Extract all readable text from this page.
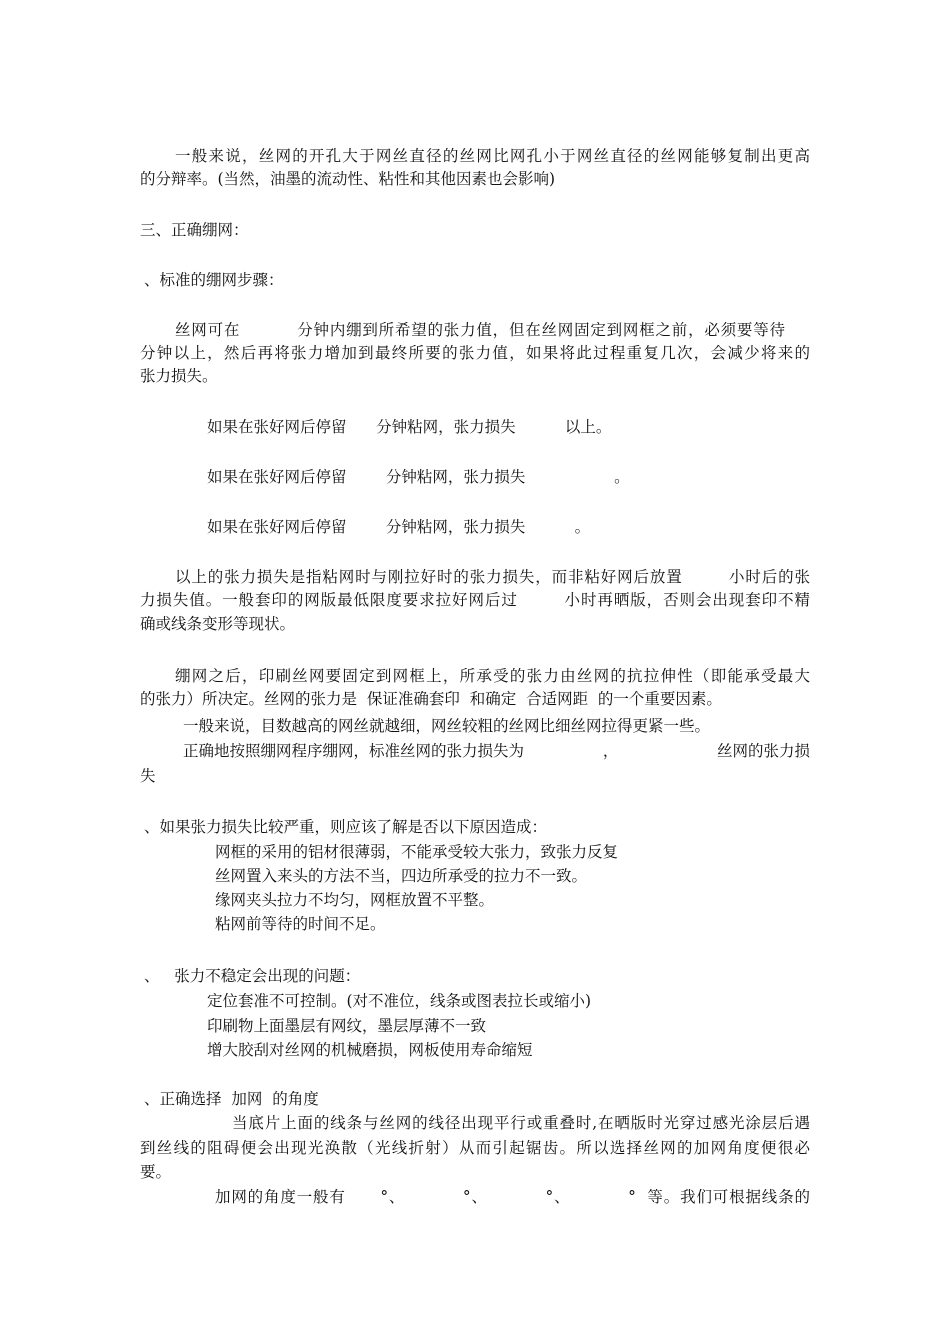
一般来说，丝网的开孔大于网丝直径的丝网比网孔小于网丝直径的丝网能够复制出更高
的分辩率。(当然，油墨的流动性、粘性和其他因素也会影响)
三、正确绷网：
、标准的绷网步骤：
丝网可在          分钟内绷到所希望的张力值，但在丝网固定到网框之前，必须要等待
分钟以上，然后再将张力增加到最终所要的张力值，如果将此过程重复几次，会减少将来的
张力损失。
如果在张好网后停留      分钟粘网，张力损失          以上。
如果在张好网后停留        分钟粘网，张力损失                  。
如果在张好网后停留        分钟粘网，张力损失          。
以上的张力损失是指粘网时与刚拉好时的张力损失，而非粘好网后放置        小时后的张
力损失值。一般套印的网版最低限度要求拉好网后过        小时再晒版，否则会出现套印不精
确或线条变形等现状。
绷网之后，印刷丝网要固定到网框上，所承受的张力由丝网的抗拉伸性（即能承受最大
的张力）所决定。丝网的张力是  保证准确套印  和确定  合适网距  的一个重要因素。
一般来说，目数越高的网丝就越细，网丝较粗的丝网比细丝网拉得更紧一些。
正确地按照绷网程序绷网，标准丝网的张力损失为                ，                    丝网的张力损
失
、如果张力损失比较严重，则应该了解是否以下原因造成：
网框的采用的铝材很薄弱，不能承受较大张力，致张力反复
丝网置入来头的方法不当，四边所承受的拉力不一致。
缘网夹头拉力不均匀，网框放置不平整。
粘网前等待的时间不足。
、   张力不稳定会出现的问题：
定位套准不可控制。(对不准位，线条或图表拉长或缩小)
印刷物上面墨层有网纹，墨层厚薄不一致
增大胶刮对丝网的机械磨损，网板使用寿命缩短
、正确选择  加网  的角度
当底片上面的线条与丝网的线径出现平行或重叠时,在晒版时光穿过感光涂层后遇
到丝线的阻碍便会出现光涣散（光线折射）从而引起锯齿。所以选择丝网的加网角度便很必
要。
加网的角度一般有      °、          °、          °、          °  等。我们可根据线条的
